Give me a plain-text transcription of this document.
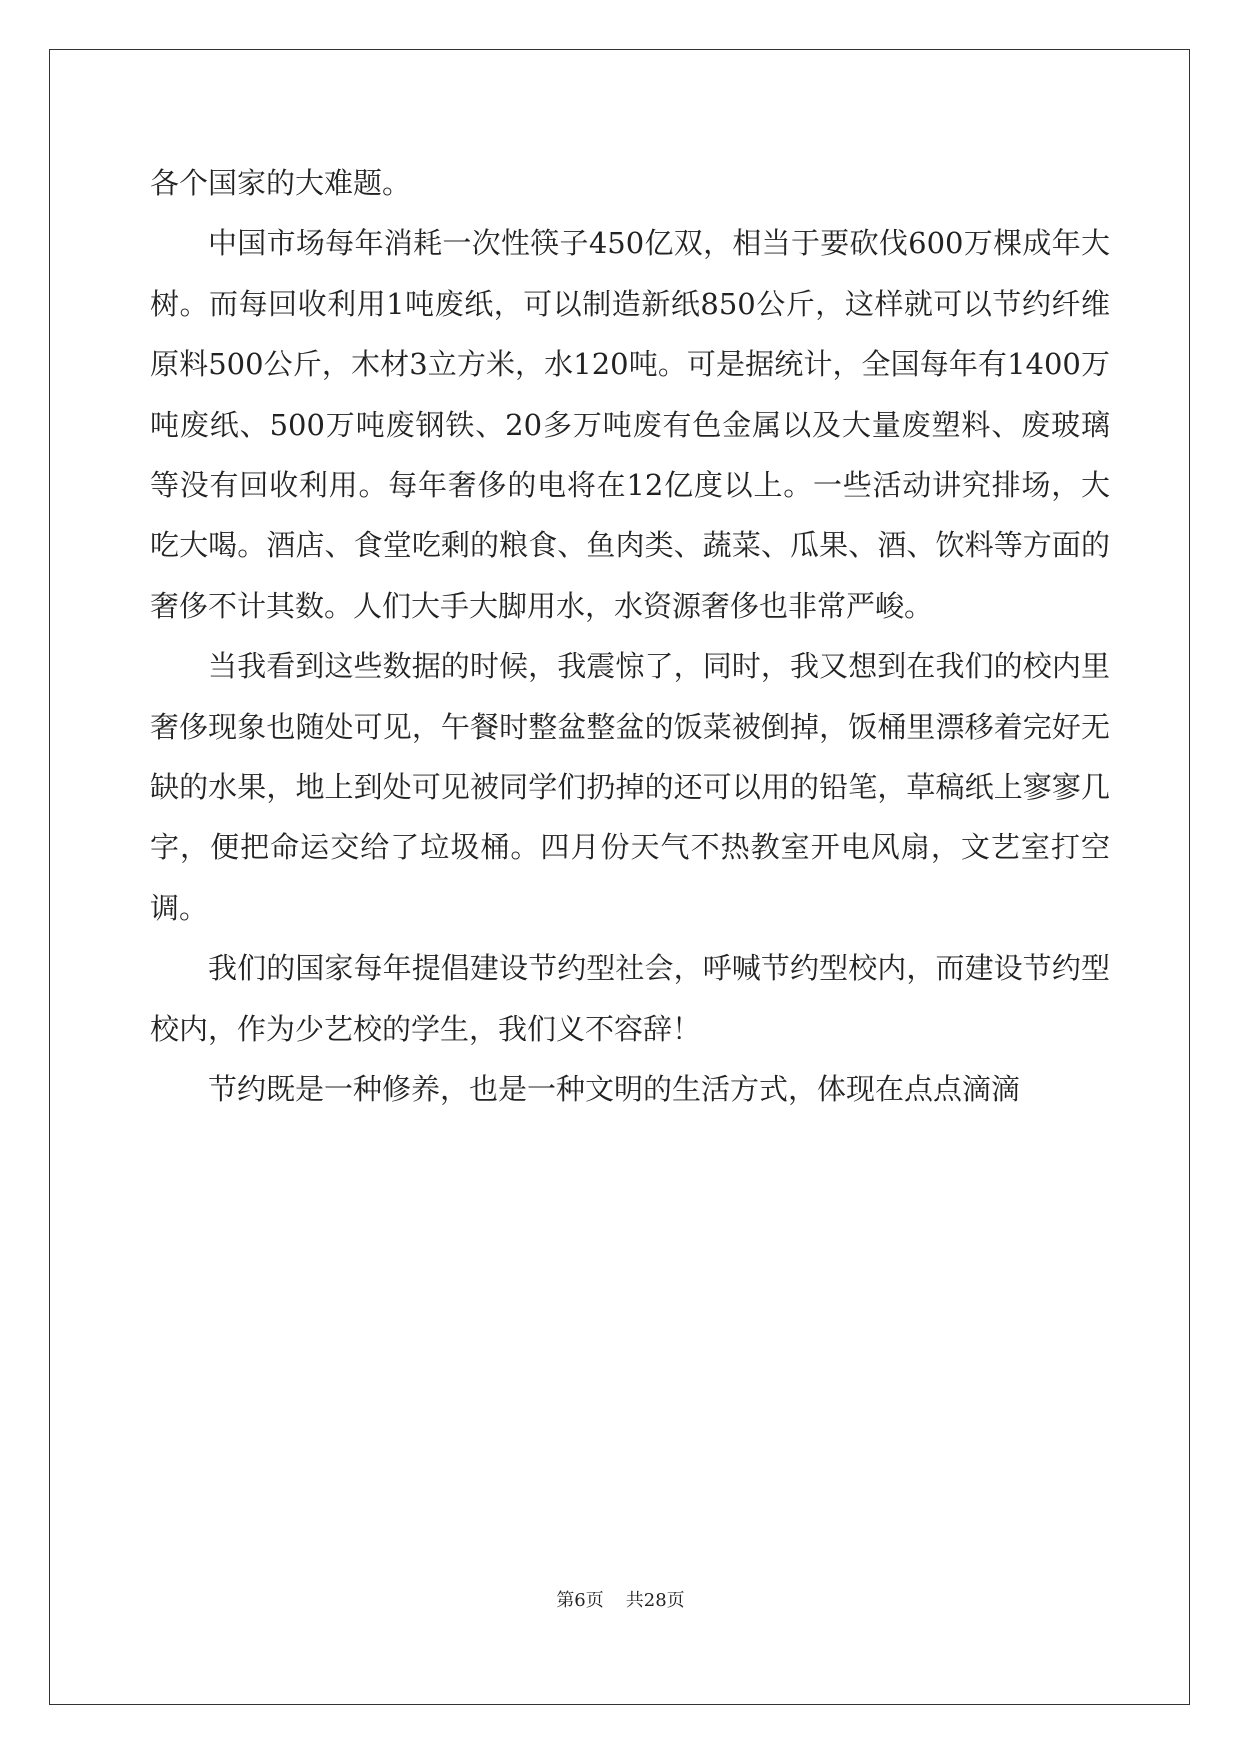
各个国家的大难题。

中国市场每年消耗一次性筷子450亿双，相当于要砍伐600万棵成年大树。而每回收利用1吨废纸，可以制造新纸850公斤，这样就可以节约纤维原料500公斤，木材3立方米，水120吨。可是据统计，全国每年有1400万吨废纸、500万吨废钢铁、20多万吨废有色金属以及大量废塑料、废玻璃等没有回收利用。每年奢侈的电将在12亿度以上。一些活动讲究排场，大吃大喝。酒店、食堂吃剩的粮食、鱼肉类、蔬菜、瓜果、酒、饮料等方面的奢侈不计其数。人们大手大脚用水，水资源奢侈也非常严峻。

当我看到这些数据的时候，我震惊了，同时，我又想到在我们的校内里奢侈现象也随处可见，午餐时整盆整盆的饭菜被倒掉，饭桶里漂移着完好无缺的水果，地上到处可见被同学们扔掉的还可以用的铅笔，草稿纸上寥寥几字，便把命运交给了垃圾桶。四月份天气不热教室开电风扇，文艺室打空调。

我们的国家每年提倡建设节约型社会，呼喊节约型校内，而建设节约型校内，作为少艺校的学生，我们义不容辞！

节约既是一种修养，也是一种文明的生活方式，体现在点点滴滴

第6页 共28页
